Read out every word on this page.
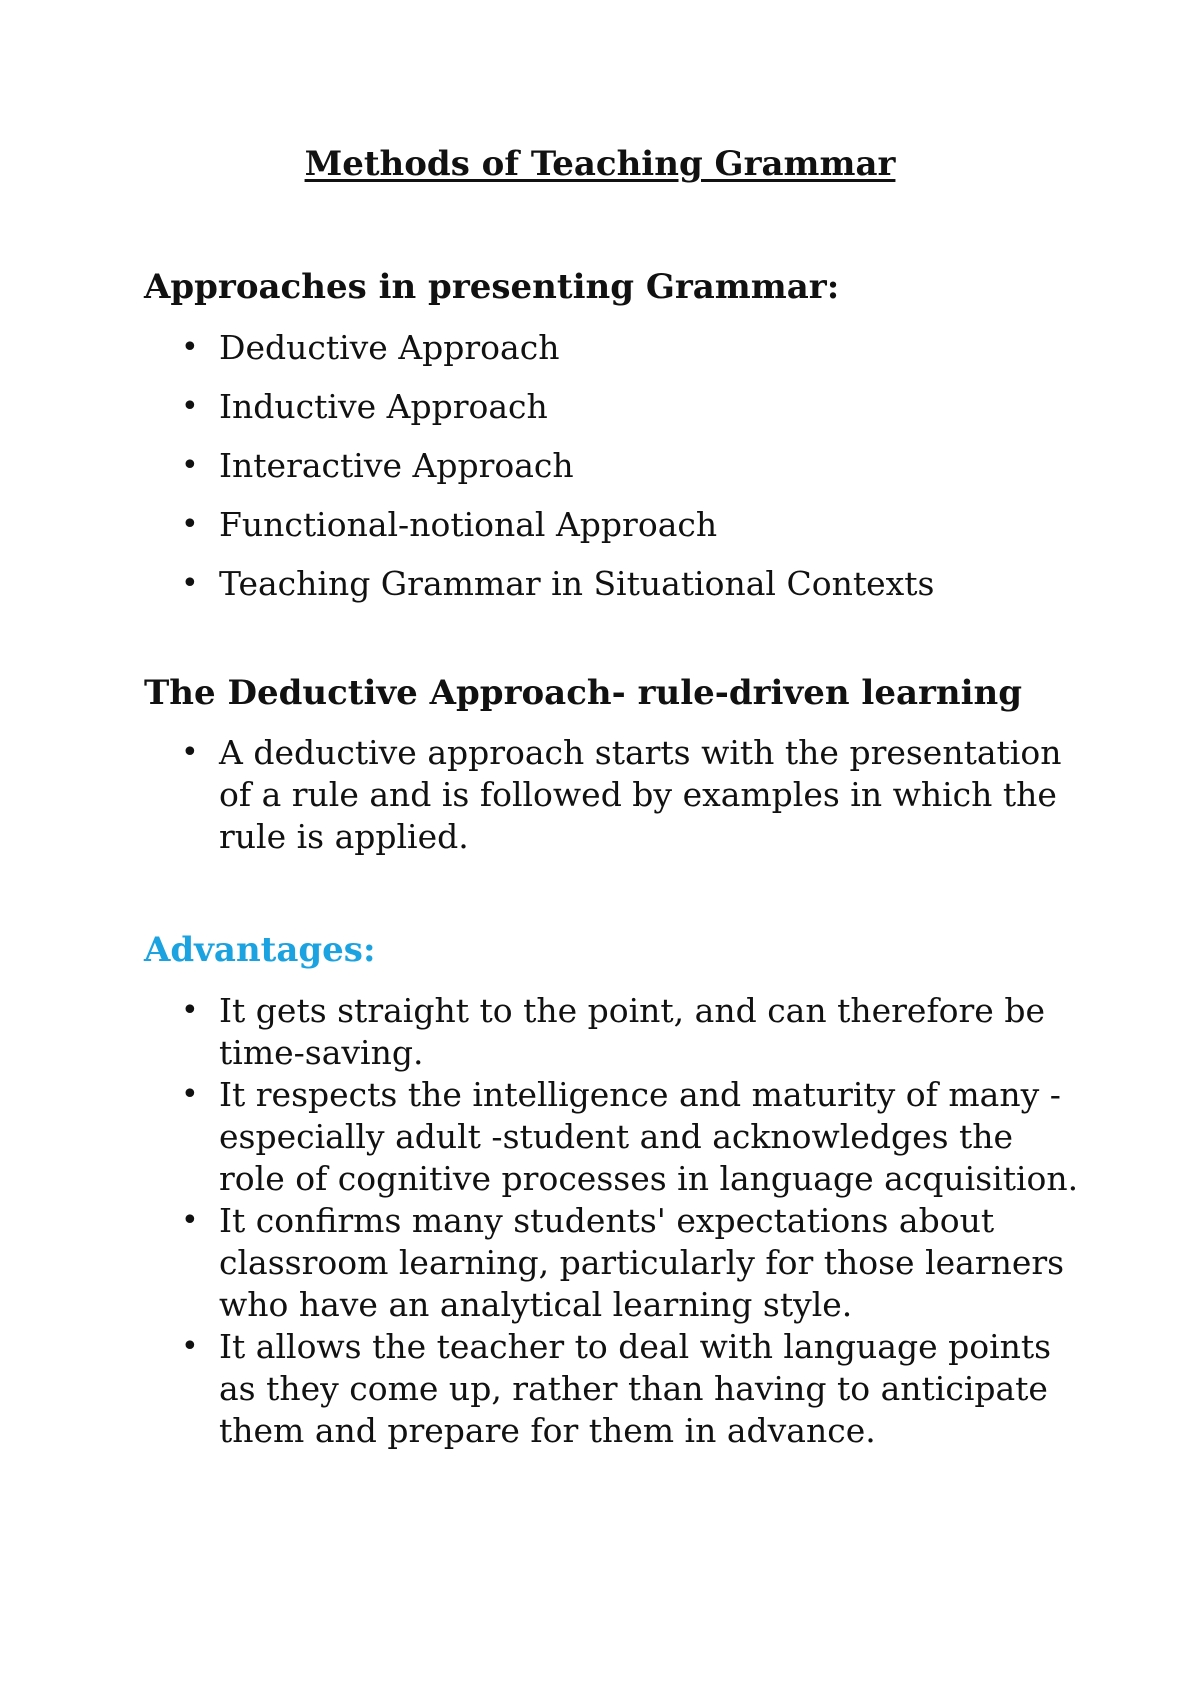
Methods of Teaching Grammar
Approaches in presenting Grammar:
• Deductive Approach
• Inductive Approach
• Interactive Approach
• Functional-notional Approach
• Teaching Grammar in Situational Contexts
The Deductive Approach- rule-driven learning
• A deductive approach starts with the presentation of a rule and is followed by examples in which the rule is applied.
Advantages:
• It gets straight to the point, and can therefore be time-saving.
• It respects the intelligence and maturity of many - especially adult -student and acknowledges the role of cognitive processes in language acquisition.
• It confirms many students' expectations about classroom learning, particularly for those learners who have an analytical learning style.
• It allows the teacher to deal with language points as they come up, rather than having to anticipate them and prepare for them in advance.
